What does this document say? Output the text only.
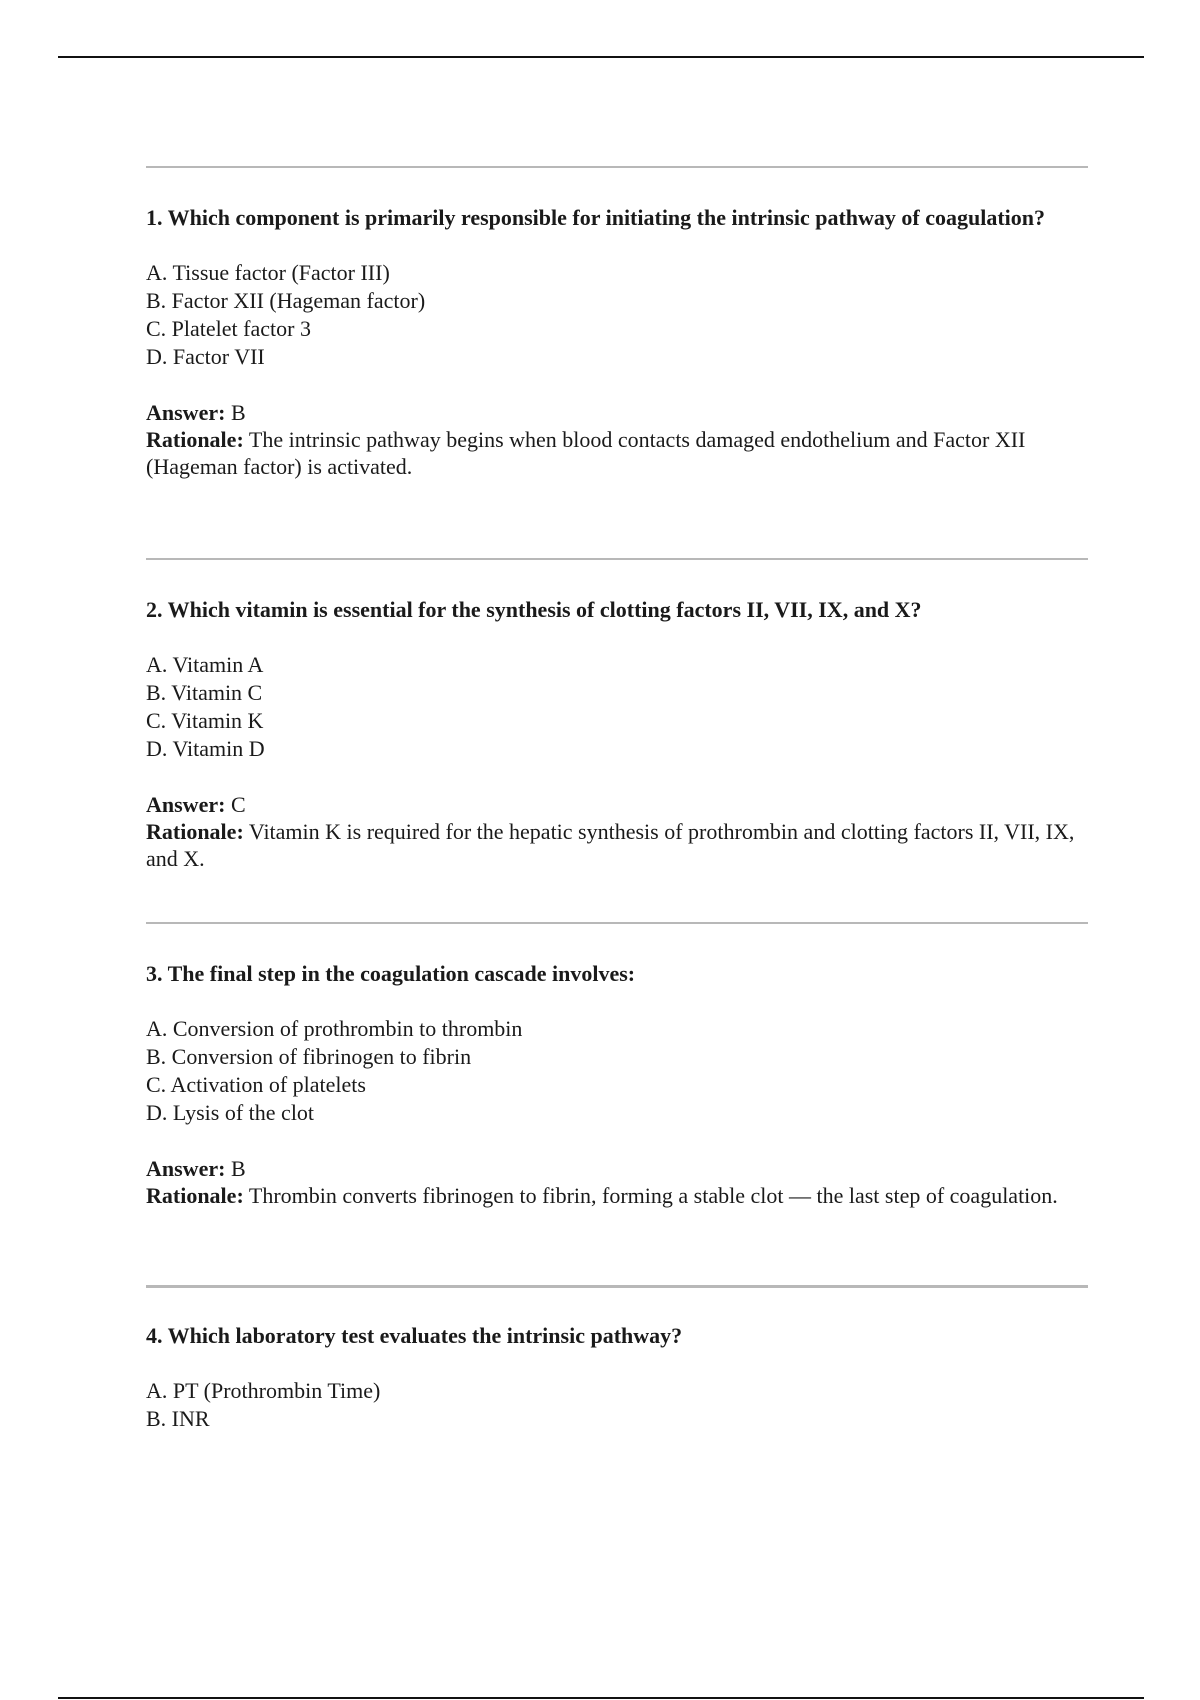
1. Which component is primarily responsible for initiating the intrinsic pathway of coagulation?

A. Tissue factor (Factor III)
B. Factor XII (Hageman factor)
C. Platelet factor 3
D. Factor VII

Answer: B

Rationale: The intrinsic pathway begins when blood contacts damaged endothelium and Factor XII (Hageman factor) is activated.

2. Which vitamin is essential for the synthesis of clotting factors II, VII, IX, and X?

A. Vitamin A
B. Vitamin C
C. Vitamin K
D. Vitamin D

Answer: C

Rationale: Vitamin K is required for the hepatic synthesis of prothrombin and clotting factors II, VII, IX, and X.

3. The final step in the coagulation cascade involves:

A. Conversion of prothrombin to thrombin
B. Conversion of fibrinogen to fibrin
C. Activation of platelets
D. Lysis of the clot

Answer: B

Rationale: Thrombin converts fibrinogen to fibrin, forming a stable clot — the last step of coagulation.

4. Which laboratory test evaluates the intrinsic pathway?

A. PT (Prothrombin Time)
B. INR
